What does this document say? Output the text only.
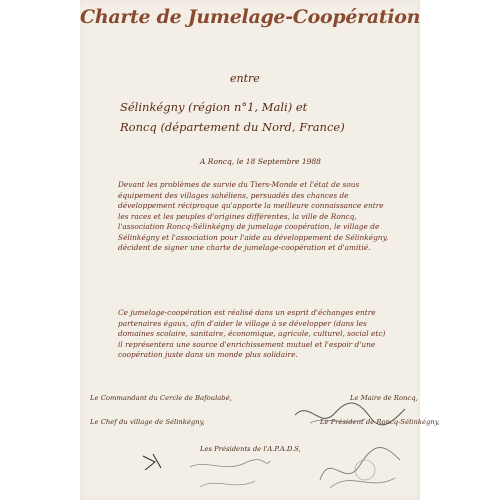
Charte de Jumelage-Coopération
entre
Sélinkégny (région n°1, Mali) et
Roncq (département du Nord, France)
A Roncq, le 18 Septembre 1988

Devant les problèmes de survie du Tiers-Monde et l'état de sous équipement des villages sahéliens, persuadés des chances de développement réciproque qu'apporte la meilleure connaissance entre les races et les peuples d'origines différentes, la ville de Roncq, l'association Roncq-Sélinkégny de jumelage coopération, le village de Sélinkégny et l'association pour l'aide au développement de Sélinkégny, décident de signer une charte de jumelage-coopération et d'amitié.

Ce jumelage-coopération est réalisé dans un esprit d'échanges entre partenaires égaux, afin d'aider le village à se développer (dans les domaines scolaire, sanitaire, économique, agricole, culturel, social etc) il représentera une source d'enrichissement mutuel et l'espoir d'une coopération juste dans un monde plus solidaire.

Le Commandant du Cercle de Bafoulabé,
Le Chef du village de Sélinkégny,
Le Maire de Roncq,
Le Président de Roncq-Sélinkégny,
Les Présidents de l'A.P.A.D.S,
